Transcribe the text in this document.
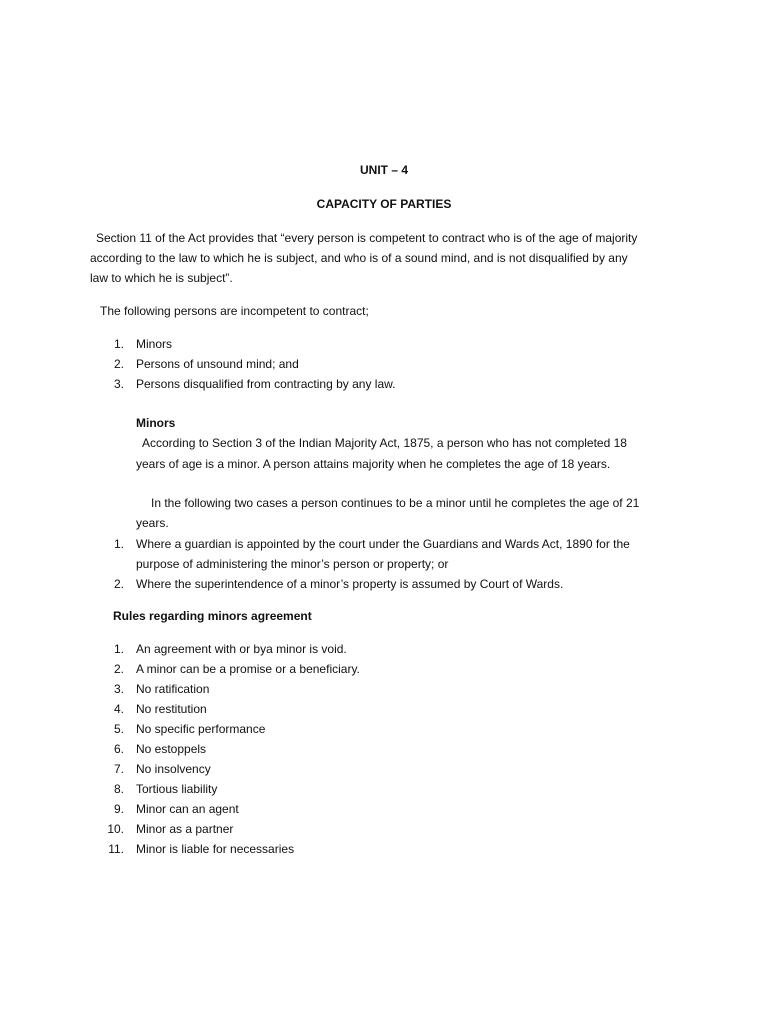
UNIT – 4
CAPACITY OF PARTIES
Section 11 of the Act provides that “every person is competent to contract who is of the age of majority
according to the law to which he is subject, and who is of a sound mind, and is not disqualified by any
law to which he is subject”.
The following persons are incompetent to contract;
1. Minors
2. Persons of unsound mind; and
3. Persons disqualified from contracting by any law.
Minors
According to Section 3 of the Indian Majority Act, 1875, a person who has not completed 18
years of age is a minor. A person attains majority when he completes the age of 18 years.
In the following two cases a person continues to be a minor until he completes the age of 21
years.
1. Where a guardian is appointed by the court under the Guardians and Wards Act, 1890 for the
purpose of administering the minor’s person or property; or
2. Where the superintendence of a minor’s property is assumed by Court of Wards.
Rules regarding minors agreement
1. An agreement with or bya minor is void.
2. A minor can be a promise or a beneficiary.
3. No ratification
4. No restitution
5. No specific performance
6. No estoppels
7. No insolvency
8. Tortious liability
9. Minor can an agent
10. Minor as a partner
11. Minor is liable for necessaries
